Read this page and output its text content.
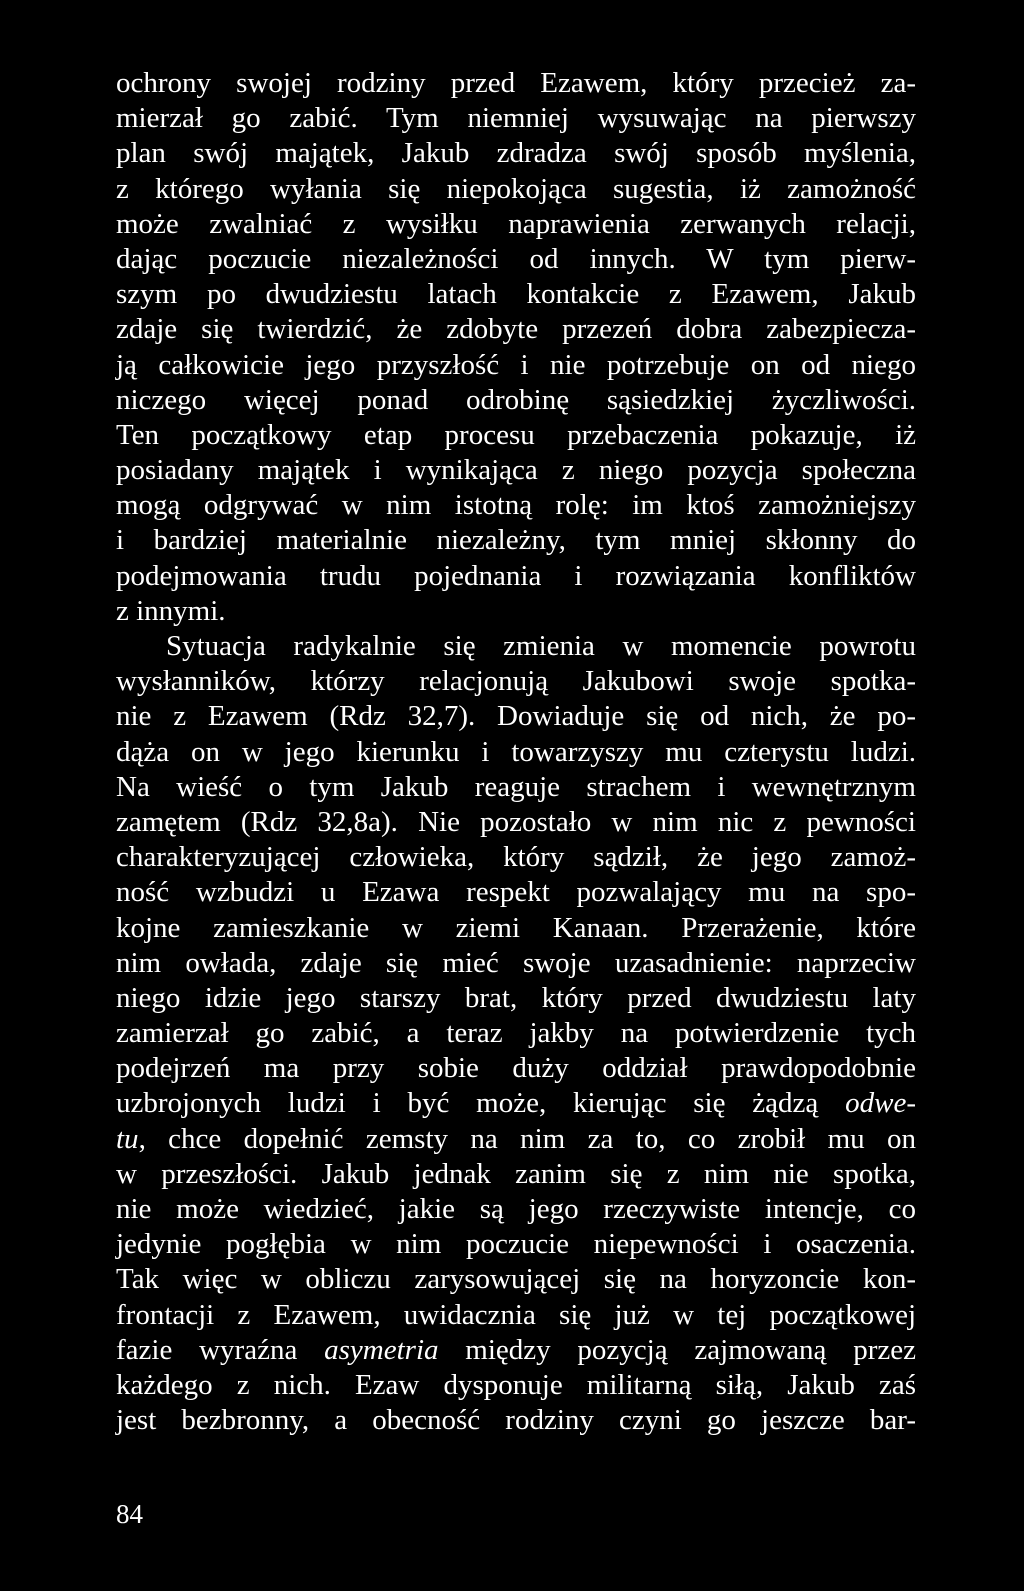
ochrony swojej rodziny przed Ezawem, który przecież za-
mierzał go zabić. Tym niemniej wysuwając na pierwszy
plan swój majątek, Jakub zdradza swój sposób myślenia,
z którego wyłania się niepokojąca sugestia, iż zamożność
może zwalniać z wysiłku naprawienia zerwanych relacji,
dając poczucie niezależności od innych. W tym pierw-
szym po dwudziestu latach kontakcie z Ezawem, Jakub
zdaje się twierdzić, że zdobyte przezeń dobra zabezpiecza-
ją całkowicie jego przyszłość i nie potrzebuje on od niego
niczego więcej ponad odrobinę sąsiedzkiej życzliwości.
Ten początkowy etap procesu przebaczenia pokazuje, iż
posiadany majątek i wynikająca z niego pozycja społeczna
mogą odgrywać w nim istotną rolę: im ktoś zamożniejszy
i bardziej materialnie niezależny, tym mniej skłonny do
podejmowania trudu pojednania i rozwiązania konfliktów
z innymi.
Sytuacja radykalnie się zmienia w momencie powrotu
wysłanników, którzy relacjonują Jakubowi swoje spotka-
nie z Ezawem (Rdz 32,7). Dowiaduje się od nich, że po-
dąża on w jego kierunku i towarzyszy mu czterystu ludzi.
Na wieść o tym Jakub reaguje strachem i wewnętrznym
zamętem (Rdz 32,8a). Nie pozostało w nim nic z pewności
charakteryzującej człowieka, który sądził, że jego zamoż-
ność wzbudzi u Ezawa respekt pozwalający mu na spo-
kojne zamieszkanie w ziemi Kanaan. Przerażenie, które
nim owłada, zdaje się mieć swoje uzasadnienie: naprzeciw
niego idzie jego starszy brat, który przed dwudziestu laty
zamierzał go zabić, a teraz jakby na potwierdzenie tych
podejrzeń ma przy sobie duży oddział prawdopodobnie
uzbrojonych ludzi i być może, kierując się żądzą odwe-
tu, chce dopełnić zemsty na nim za to, co zrobił mu on
w przeszłości. Jakub jednak zanim się z nim nie spotka,
nie może wiedzieć, jakie są jego rzeczywiste intencje, co
jedynie pogłębia w nim poczucie niepewności i osaczenia.
Tak więc w obliczu zarysowującej się na horyzoncie kon-
frontacji z Ezawem, uwidacznia się już w tej początkowej
fazie wyraźna asymetria między pozycją zajmowaną przez
każdego z nich. Ezaw dysponuje militarną siłą, Jakub zaś
jest bezbronny, a obecność rodziny czyni go jeszcze bar-
84
